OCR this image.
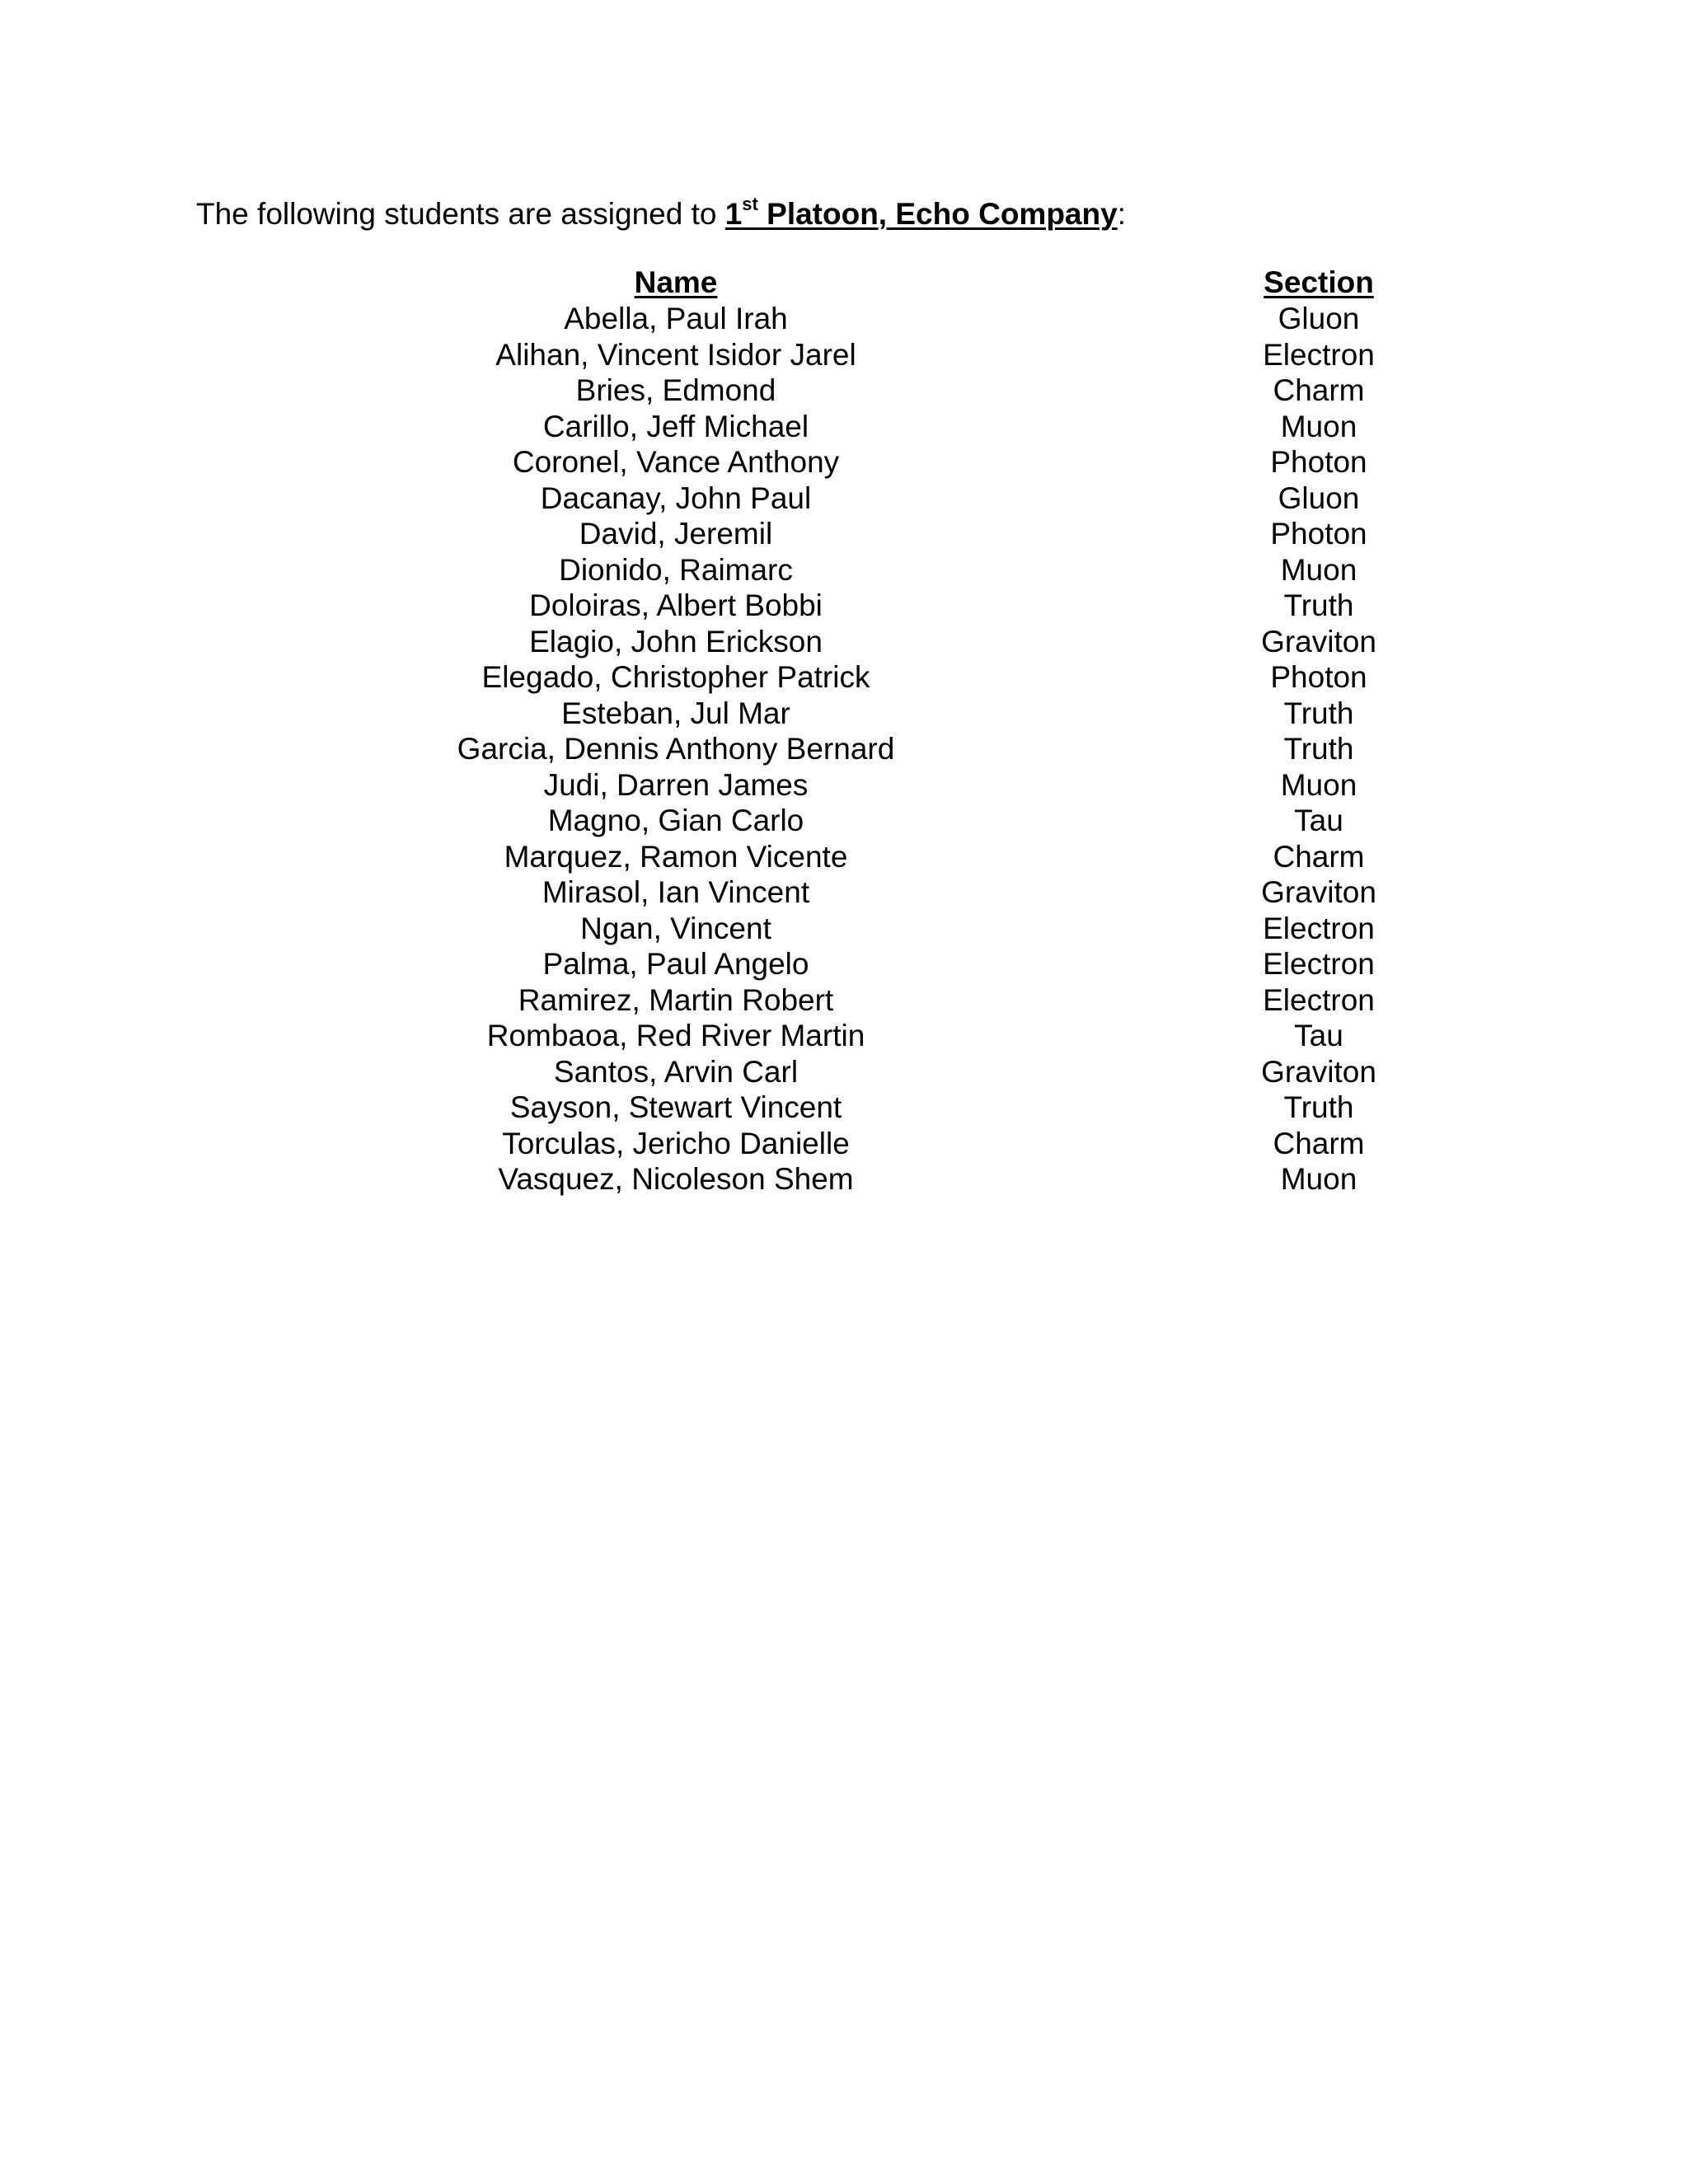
The following students are assigned to 1st Platoon, Echo Company:
Name
Abella, Paul Irah
Alihan, Vincent Isidor Jarel
Bries, Edmond
Carillo, Jeff Michael
Coronel, Vance Anthony
Dacanay, John Paul
David, Jeremil
Dionido, Raimarc
Doloiras, Albert Bobbi
Elagio, John Erickson
Elegado, Christopher Patrick
Esteban, Jul Mar
Garcia, Dennis Anthony Bernard
Judi, Darren James
Magno, Gian Carlo
Marquez, Ramon Vicente
Mirasol, Ian Vincent
Ngan, Vincent
Palma, Paul Angelo
Ramirez, Martin Robert
Rombaoa, Red River Martin
Santos, Arvin Carl
Sayson, Stewart Vincent
Torculas, Jericho Danielle
Vasquez, Nicoleson Shem
Section
Gluon
Electron
Charm
Muon
Photon
Gluon
Photon
Muon
Truth
Graviton
Photon
Truth
Truth
Muon
Tau
Charm
Graviton
Electron
Electron
Electron
Tau
Graviton
Truth
Charm
Muon
